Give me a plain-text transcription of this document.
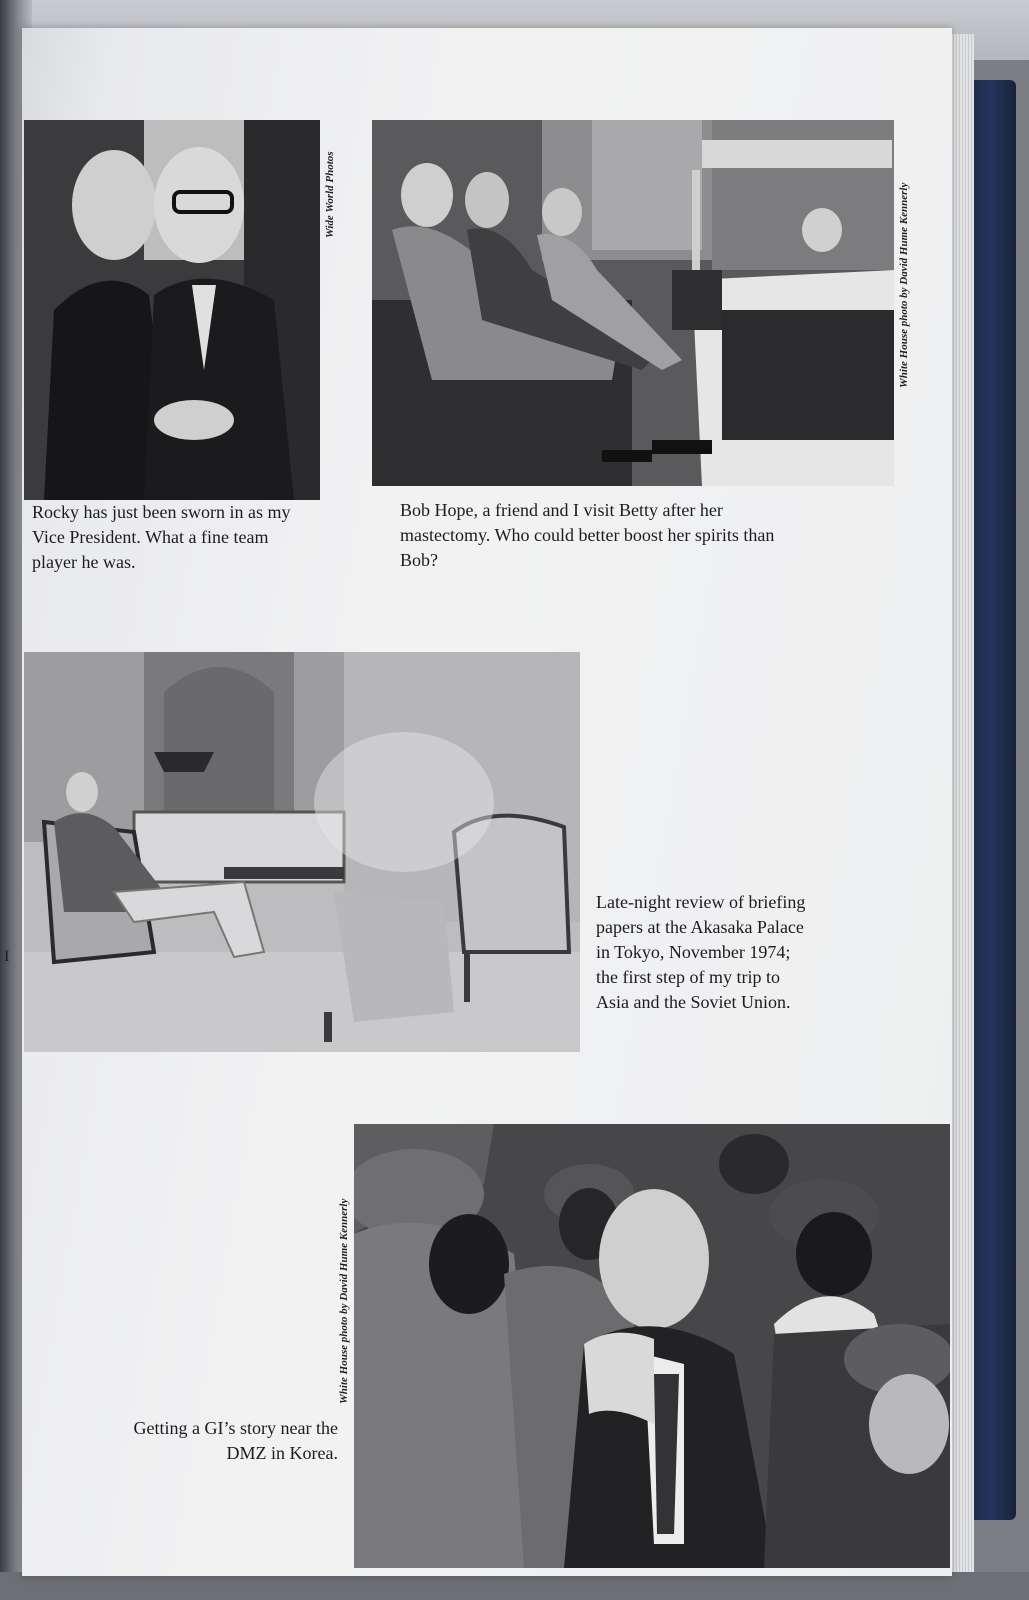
I
Wide World Photos	White House photo by David Hume Kennerly
Rocky has just been sworn in as my
Vice President. What a fine team
player he was.
Bob Hope, a friend and I visit Betty after her
mastectomy. Who could better boost her spirits than
Bob?
Late-night review of briefing
papers at the Akasaka Palace
in Tokyo, November 1974;
the first step of my trip to
Asia and the Soviet Union.
White House photo by David Hume Kennerly
Getting a GI’s story near the
DMZ in Korea.
